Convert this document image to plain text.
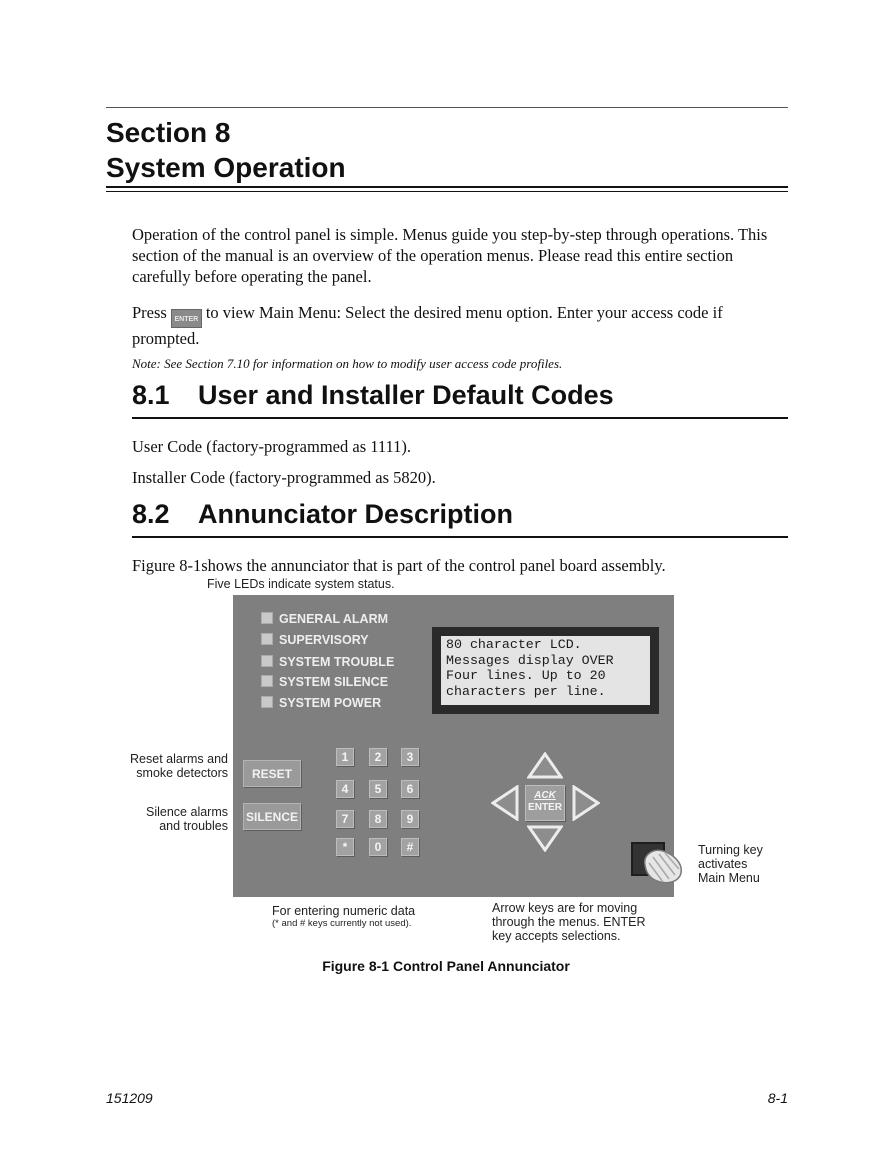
Section 8
System Operation

Operation of the control panel is simple. Menus guide you step-by-step through operations. This section of the manual is an overview of the operation menus. Please read this entire section carefully before operating the panel.

Press ENTER to view Main Menu: Select the desired menu option. Enter your access code if prompted.

Note: See Section 7.10 for information on how to modify user access code profiles.

8.1 User and Installer Default Codes

User Code (factory-programmed as 1111).

Installer Code (factory-programmed as 5820).

8.2 Annunciator Description

Figure 8-1shows the annunciator that is part of the control panel board assembly.

Five LEDs indicate system status.
Reset alarms and
smoke detectors
Silence alarms
and troubles
Turning key
activates
Main Menu
For entering numeric data
(* and # keys currently not used).
Arrow keys are for moving
through the menus. ENTER
key accepts selections.
GENERAL ALARM
SUPERVISORY
SYSTEM TROUBLE
SYSTEM SILENCE
SYSTEM POWER
80 character LCD.
Messages display OVER
Four lines. Up to 20
characters per line.
RESET
SILENCE
1	2	3
4	5	6
7	8	9
*	0	#
ACK
ENTER
Figure 8-1 Control Panel Annunciator
151209	8-1
